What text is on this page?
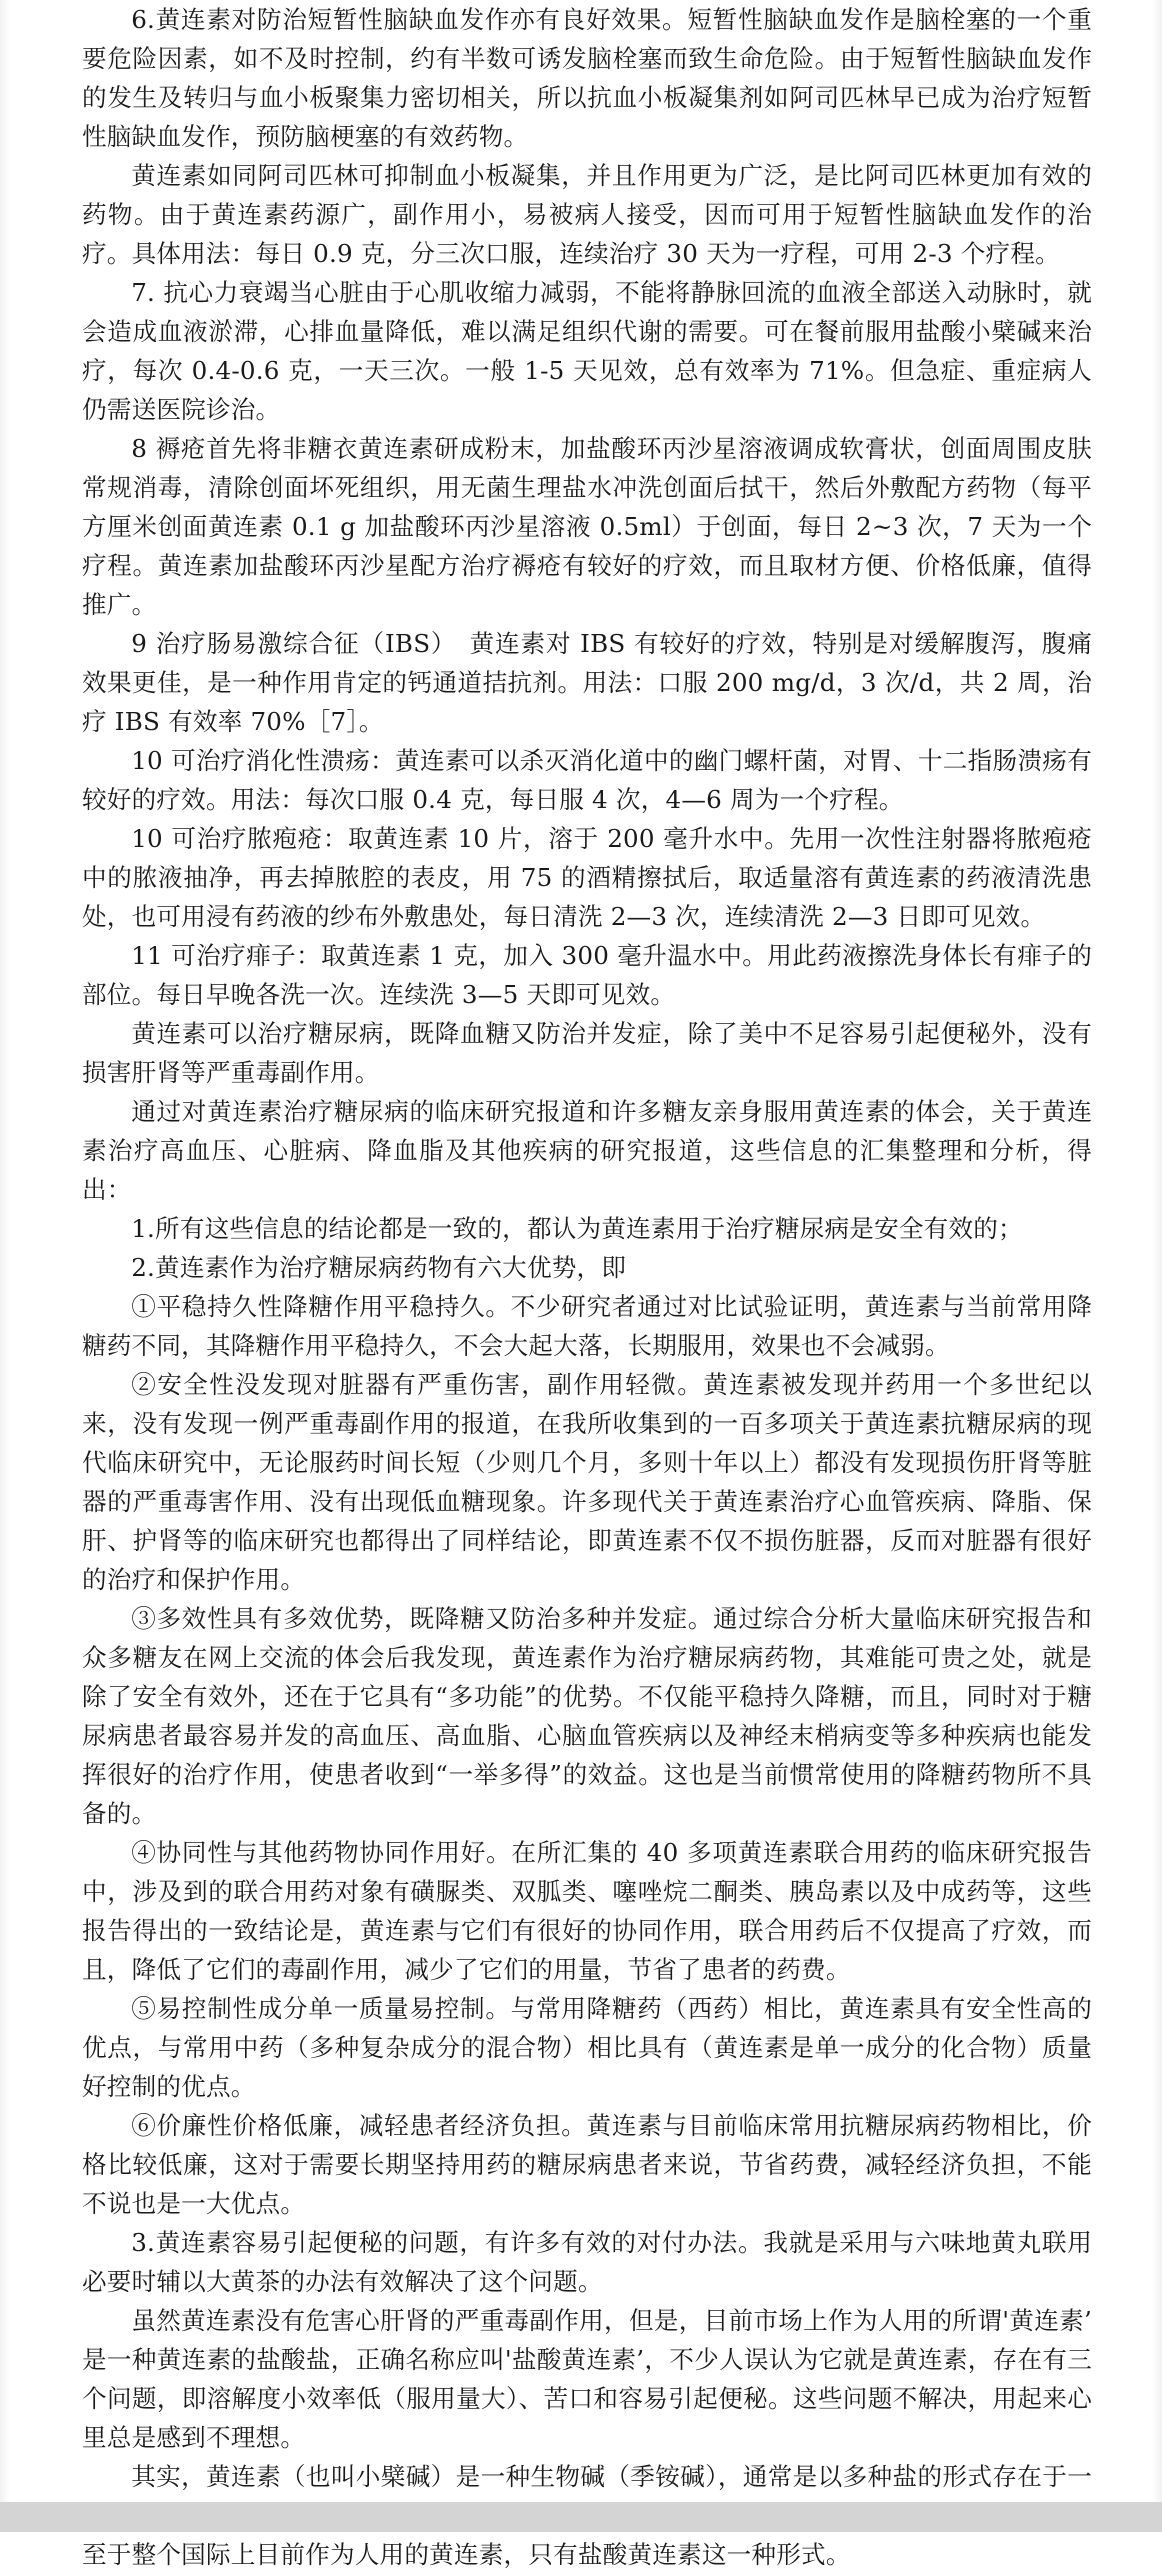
6.黄连素对防治短暂性脑缺血发作亦有良好效果。短暂性脑缺血发作是脑栓塞的一个重要危险因素，如不及时控制，约有半数可诱发脑栓塞而致生命危险。由于短暂性脑缺血发作的发生及转归与血小板聚集力密切相关，所以抗血小板凝集剂如阿司匹林早已成为治疗短暂性脑缺血发作，预防脑梗塞的有效药物。

黄连素如同阿司匹林可抑制血小板凝集，并且作用更为广泛，是比阿司匹林更加有效的药物。由于黄连素药源广，副作用小，易被病人接受，因而可用于短暂性脑缺血发作的治疗。具体用法：每日 0.9 克，分三次口服，连续治疗 30 天为一疗程，可用 2-3 个疗程。

7. 抗心力衰竭当心脏由于心肌收缩力减弱，不能将静脉回流的血液全部送入动脉时，就会造成血液淤滞，心排血量降低，难以满足组织代谢的需要。可在餐前服用盐酸小檗碱来治疗，每次 0.4-0.6 克，一天三次。一般 1-5 天见效，总有效率为 71%。但急症、重症病人仍需送医院诊治。

8 褥疮首先将非糖衣黄连素研成粉末，加盐酸环丙沙星溶液调成软膏状，创面周围皮肤常规消毒，清除创面坏死组织，用无菌生理盐水冲洗创面后拭干，然后外敷配方药物（每平方厘米创面黄连素 0.1 g 加盐酸环丙沙星溶液 0.5ml）于创面，每日 2~3 次，7 天为一个疗程。黄连素加盐酸环丙沙星配方治疗褥疮有较好的疗效，而且取材方便、价格低廉，值得推广。

9 治疗肠易激综合征（IBS）　黄连素对 IBS 有较好的疗效，特别是对缓解腹泻，腹痛效果更佳，是一种作用肯定的钙通道拮抗剂。用法：口服 200 mg/d，3 次/d，共 2 周，治疗 IBS 有效率 70%［7］。

10 可治疗消化性溃疡：黄连素可以杀灭消化道中的幽门螺杆菌，对胃、十二指肠溃疡有较好的疗效。用法：每次口服 0.4 克，每日服 4 次，4—6 周为一个疗程。

10 可治疗脓疱疮：取黄连素 10 片，溶于 200 毫升水中。先用一次性注射器将脓疱疮中的脓液抽净，再去掉脓腔的表皮，用 75 的酒精擦拭后，取适量溶有黄连素的药液清洗患处，也可用浸有药液的纱布外敷患处，每日清洗 2—3 次，连续清洗 2—3 日即可见效。

11 可治疗痱子：取黄连素 1 克，加入 300 毫升温水中。用此药液擦洗身体长有痱子的部位。每日早晚各洗一次。连续洗 3—5 天即可见效。

黄连素可以治疗糖尿病，既降血糖又防治并发症，除了美中不足容易引起便秘外，没有损害肝肾等严重毒副作用。

通过对黄连素治疗糖尿病的临床研究报道和许多糖友亲身服用黄连素的体会，关于黄连素治疗高血压、心脏病、降血脂及其他疾病的研究报道，这些信息的汇集整理和分析，得出：

1.所有这些信息的结论都是一致的，都认为黄连素用于治疗糖尿病是安全有效的；

2.黄连素作为治疗糖尿病药物有六大优势，即

①平稳持久性降糖作用平稳持久。不少研究者通过对比试验证明，黄连素与当前常用降糖药不同，其降糖作用平稳持久，不会大起大落，长期服用，效果也不会减弱。

②安全性没发现对脏器有严重伤害，副作用轻微。黄连素被发现并药用一个多世纪以来，没有发现一例严重毒副作用的报道，在我所收集到的一百多项关于黄连素抗糖尿病的现代临床研究中，无论服药时间长短（少则几个月，多则十年以上）都没有发现损伤肝肾等脏器的严重毒害作用、没有出现低血糖现象。许多现代关于黄连素治疗心血管疾病、降脂、保肝、护肾等的临床研究也都得出了同样结论，即黄连素不仅不损伤脏器，反而对脏器有很好的治疗和保护作用。

③多效性具有多效优势，既降糖又防治多种并发症。通过综合分析大量临床研究报告和众多糖友在网上交流的体会后我发现，黄连素作为治疗糖尿病药物，其难能可贵之处，就是除了安全有效外，还在于它具有“多功能”的优势。不仅能平稳持久降糖，而且，同时对于糖尿病患者最容易并发的高血压、高血脂、心脑血管疾病以及神经末梢病变等多种疾病也能发挥很好的治疗作用，使患者收到“一举多得”的效益。这也是当前惯常使用的降糖药物所不具备的。

④协同性与其他药物协同作用好。在所汇集的 40 多项黄连素联合用药的临床研究报告中，涉及到的联合用药对象有磺脲类、双胍类、噻唑烷二酮类、胰岛素以及中成药等，这些报告得出的一致结论是，黄连素与它们有很好的协同作用，联合用药后不仅提高了疗效，而且，降低了它们的毒副作用，减少了它们的用量，节省了患者的药费。

⑤易控制性成分单一质量易控制。与常用降糖药（西药）相比，黄连素具有安全性高的优点，与常用中药（多种复杂成分的混合物）相比具有（黄连素是单一成分的化合物）质量好控制的优点。

⑥价廉性价格低廉，减轻患者经济负担。黄连素与目前临床常用抗糖尿病药物相比，价格比较低廉，这对于需要长期坚持用药的糖尿病患者来说，节省药费，减轻经济负担，不能不说也是一大优点。

3.黄连素容易引起便秘的问题，有许多有效的对付办法。我就是采用与六味地黄丸联用必要时辅以大黄茶的办法有效解决了这个问题。

虽然黄连素没有危害心肝肾的严重毒副作用，但是，目前市场上作为人用的所谓'黄连素’　是一种黄连素的盐酸盐，正确名称应叫'盐酸黄连素’，不少人误认为它就是黄连素，存在有三个问题，即溶解度小效率低（服用量大）、苦口和容易引起便秘。这些问题不解决，用起来心里总是感到不理想。

其实，黄连素（也叫小檗碱）是一种生物碱（季铵碱），通常是以多种盐的形式存在于一 至于整个国际上目前作为人用的黄连素，只有盐酸黄连素这一种形式。
